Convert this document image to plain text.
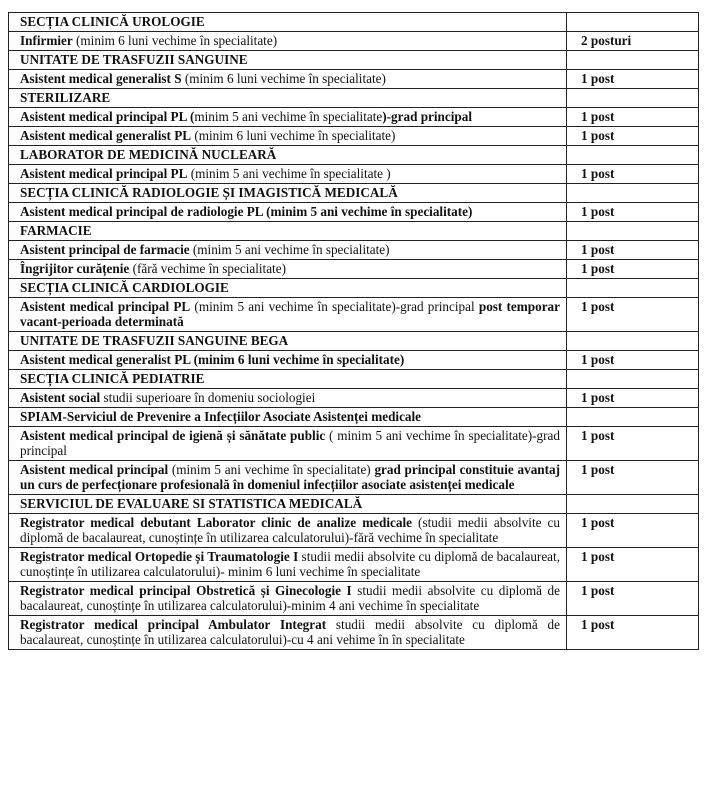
SECȚIA CLINICĂ UROLOGIE	
Infirmier (minim 6 luni vechime în specialitate)	2 posturi
UNITATE DE TRASFUZII SANGUINE	
Asistent medical generalist S (minim 6 luni vechime în specialitate)	1 post
STERILIZARE	
Asistent medical principal PL (minim 5 ani vechime în specialitate)-grad principal	1 post
Asistent medical generalist PL (minim 6 luni vechime în specialitate)	1 post
LABORATOR DE MEDICINĂ NUCLEARĂ	
Asistent medical principal PL (minim 5 ani vechime în specialitate )	1 post
SECȚIA CLINICĂ RADIOLOGIE ȘI IMAGISTICĂ MEDICALĂ	
Asistent medical principal de radiologie PL (minim 5 ani vechime în specialitate)	1 post
FARMACIE	
Asistent principal de farmacie (minim 5 ani vechime în specialitate)	1 post
Îngrijitor curățenie (fără vechime în specialitate)	1 post
SECȚIA CLINICĂ CARDIOLOGIE	
Asistent medical principal PL (minim 5 ani vechime în specialitate)-grad principal post temporar vacant-perioada determinată	1 post
UNITATE DE TRASFUZII SANGUINE BEGA	
Asistent medical generalist PL (minim 6 luni vechime în specialitate)	1 post
SECȚIA CLINICĂ PEDIATRIE	
Asistent social studii superioare în domeniu sociologiei	1 post
SPIAM-Serviciul de Prevenire a Infecțiilor Asociate Asistenței medicale	
Asistent medical principal de igienă și sănătate public ( minim 5 ani vechime în specialitate)-grad principal	1 post
Asistent medical principal (minim 5 ani vechime în specialitate) grad principal constituie avantaj un curs de perfecționare profesională în domeniul infecțiilor asociate asistenței medicale	1 post
SERVICIUL DE EVALUARE SI STATISTICA MEDICALĂ	
Registrator medical debutant Laborator clinic de analize medicale (studii medii absolvite cu diplomă de bacalaureat, cunoștințe în utilizarea calculatorului)-fără vechime în specialitate	1 post
Registrator medical Ortopedie și Traumatologie I studii medii absolvite cu diplomă de bacalaureat, cunoștințe în utilizarea calculatorului)- minim 6 luni vechime în specialitate	1 post
Registrator medical principal Obstretică și Ginecologie I studii medii absolvite cu diplomă de bacalaureat, cunoștințe în utilizarea calculatorului)-minim 4 ani vechime în specialitate	1 post
Registrator medical principal Ambulator Integrat studii medii absolvite cu diplomă de bacalaureat, cunoștințe în utilizarea calculatorului)-cu 4 ani vehime în în specialitate	1 post
